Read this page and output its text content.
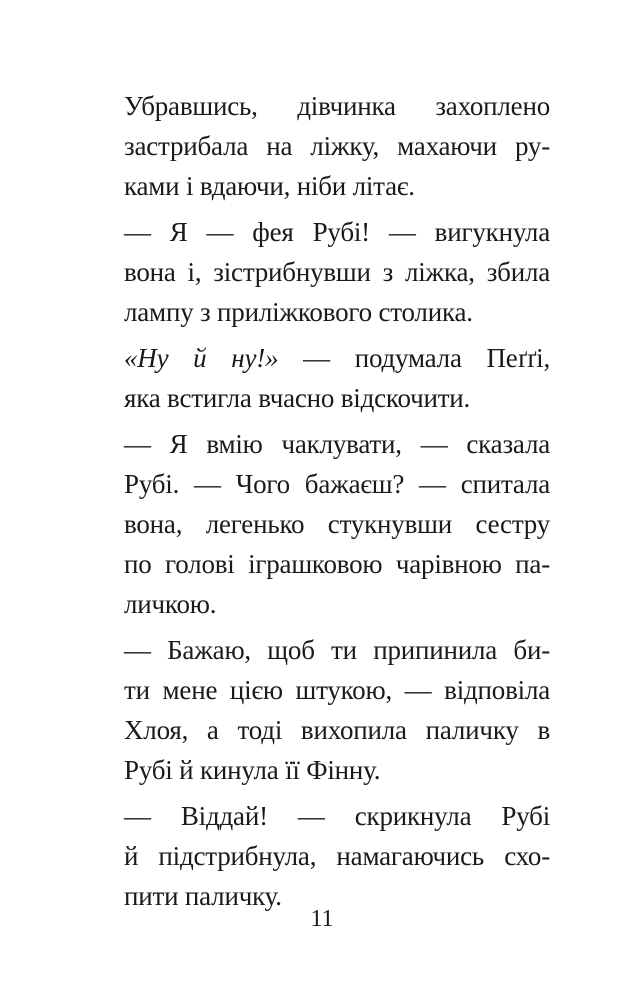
Убравшись, дівчинка захоплено
застрибала на ліжку, махаючи ру-
ками і вдаючи, ніби літає.
— Я — фея Рубі! — вигукнула
вона і, зістрибнувши з ліжка, збила
лампу з приліжкового столика.
«Ну й ну!» — подумала Пеґґі,
яка встигла вчасно відскочити.
— Я вмію чаклувати, — сказала
Рубі. — Чого бажаєш? — спитала
вона, легенько стукнувши сестру
по голові іграшковою чарівною па-
личкою.
— Бажаю, щоб ти припинила би-
ти мене цією штукою, — відповіла
Хлоя, а тоді вихопила паличку в
Рубі й кинула її Фінну.
— Віддай! — скрикнула Рубі
й підстрибнула, намагаючись схо-
пити паличку.
11
